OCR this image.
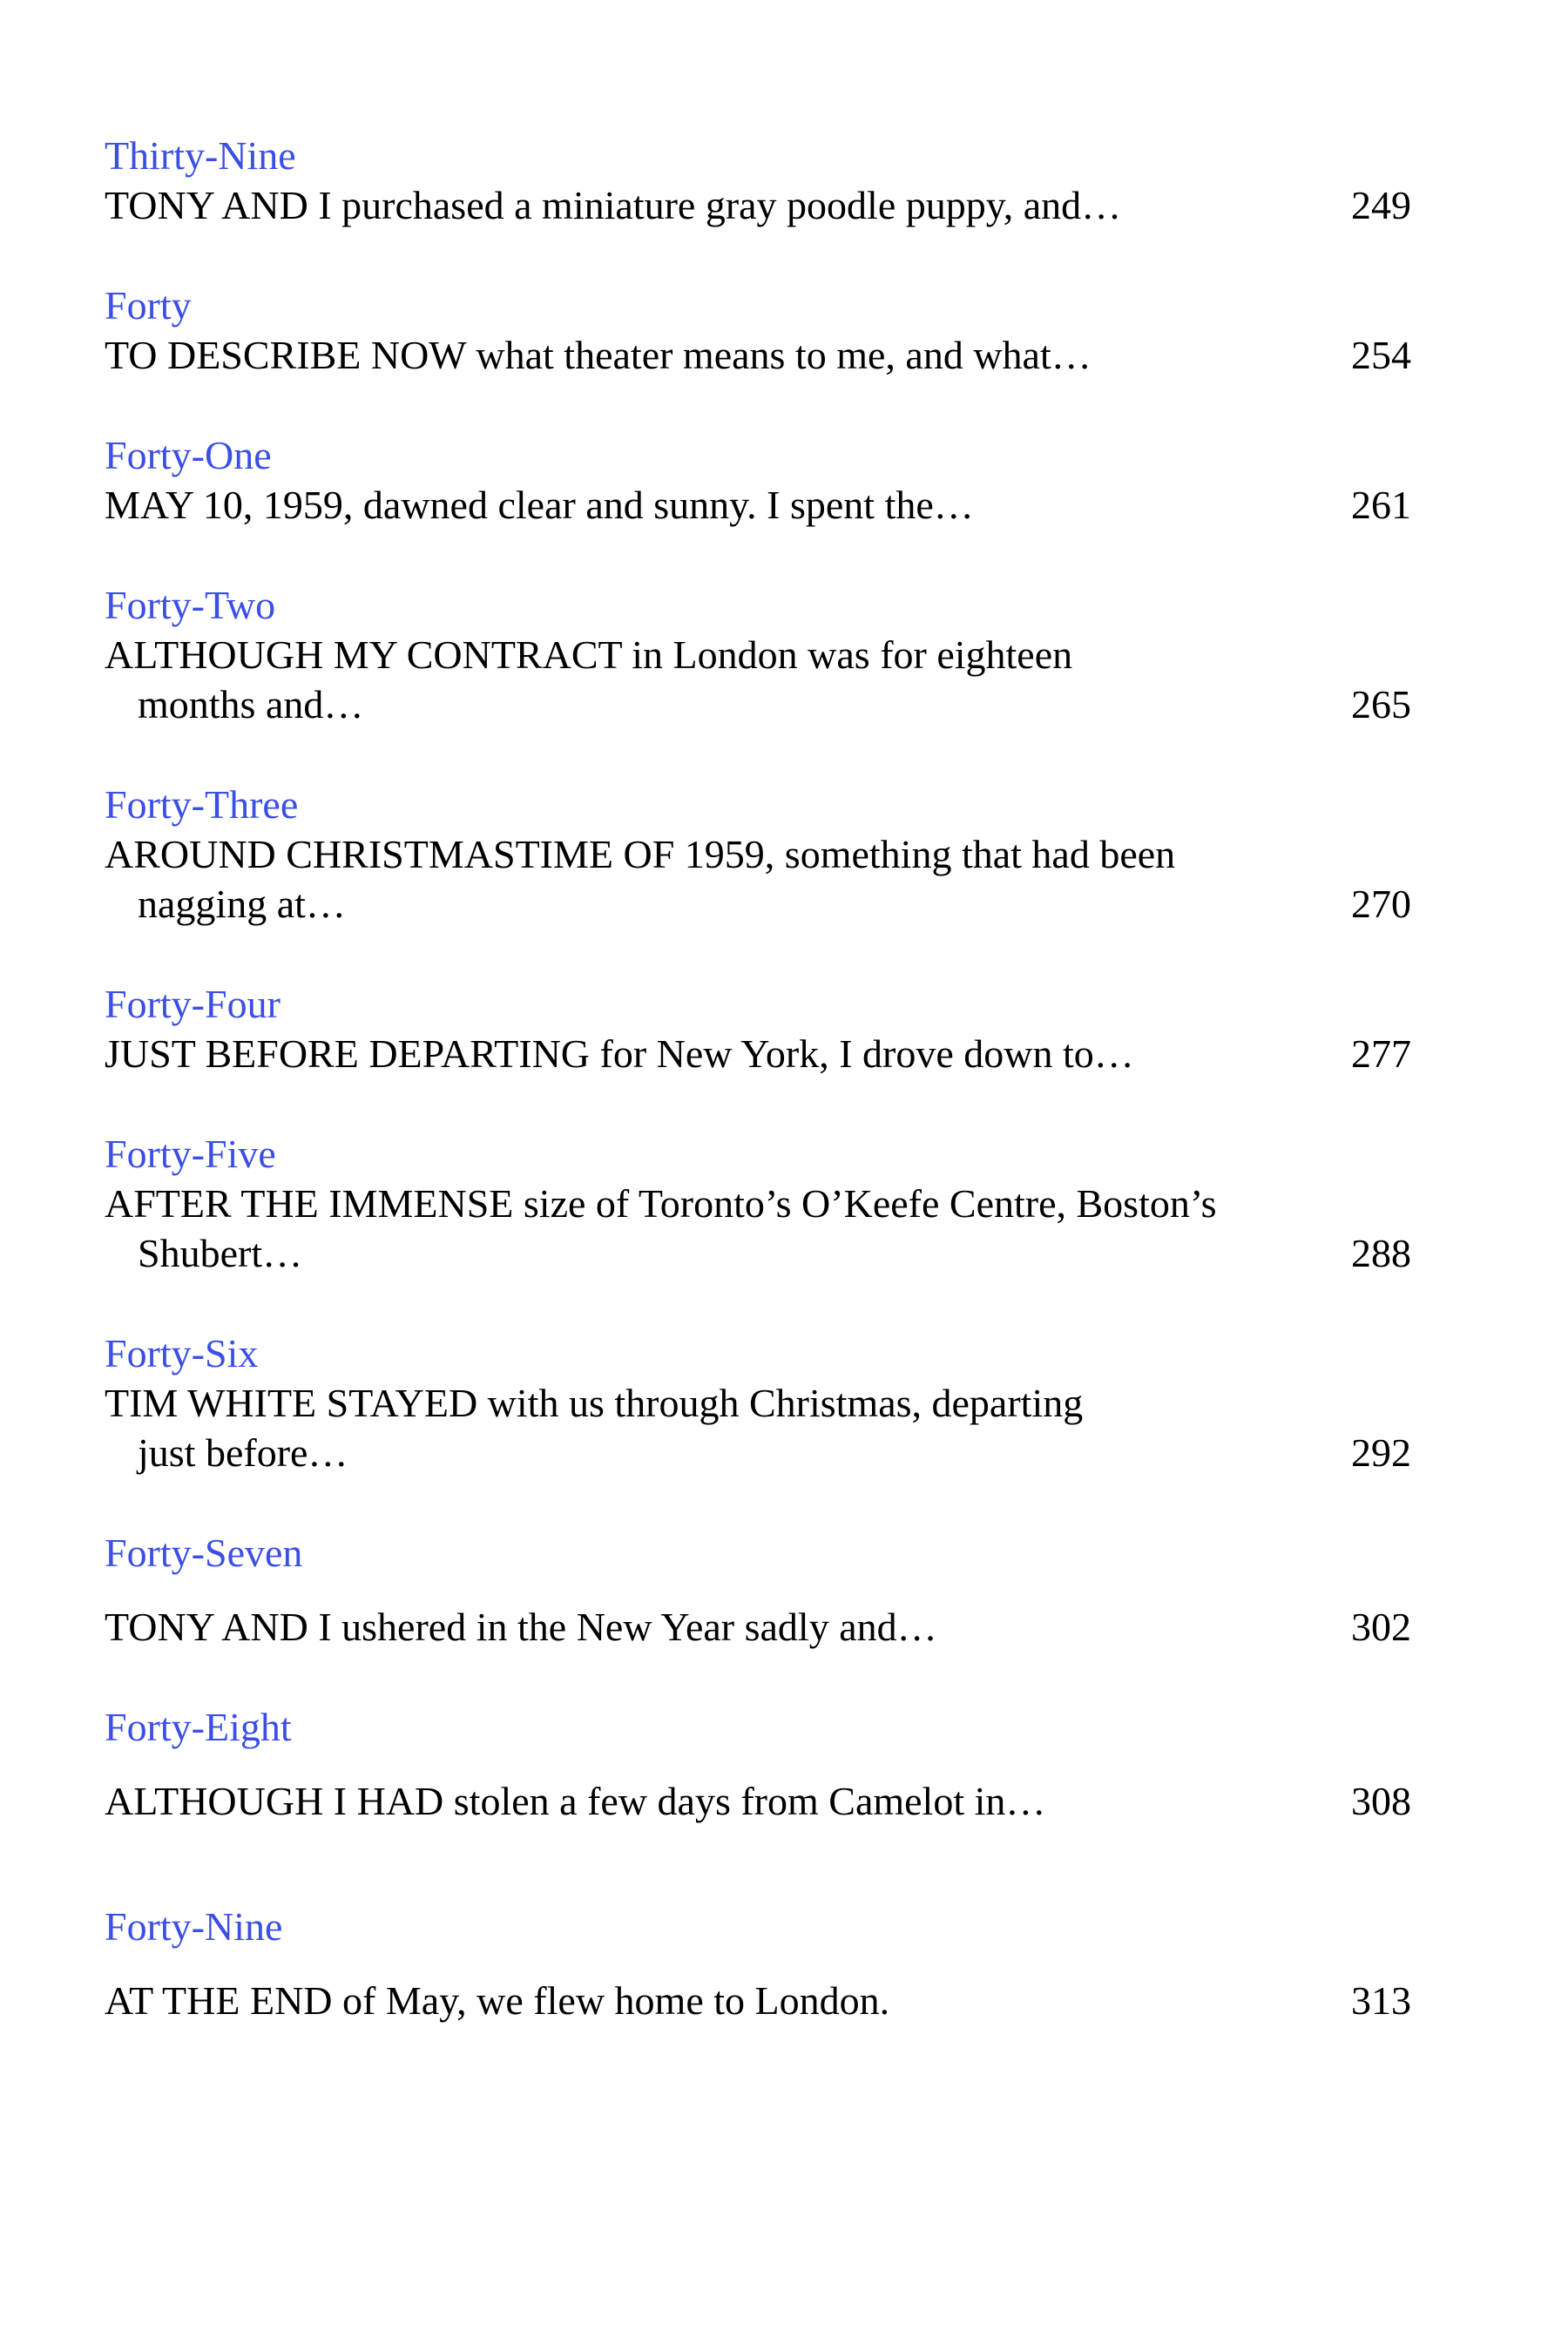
Thirty-Nine
TONY AND I purchased a miniature gray poodle puppy, and…	249
Forty
TO DESCRIBE NOW what theater means to me, and what…	254
Forty-One
MAY 10, 1959, dawned clear and sunny. I spent the…	261
Forty-Two
ALTHOUGH MY CONTRACT in London was for eighteen
months and…	265
Forty-Three
AROUND CHRISTMASTIME OF 1959, something that had been
nagging at…	270
Forty-Four
JUST BEFORE DEPARTING for New York, I drove down to…	277
Forty-Five
AFTER THE IMMENSE size of Toronto’s O’Keefe Centre, Boston’s
Shubert…	288
Forty-Six
TIM WHITE STAYED with us through Christmas, departing
just before…	292
Forty-Seven
TONY AND I ushered in the New Year sadly and…	302
Forty-Eight
ALTHOUGH I HAD stolen a few days from Camelot in…	308
Forty-Nine
AT THE END of May, we flew home to London.	313
